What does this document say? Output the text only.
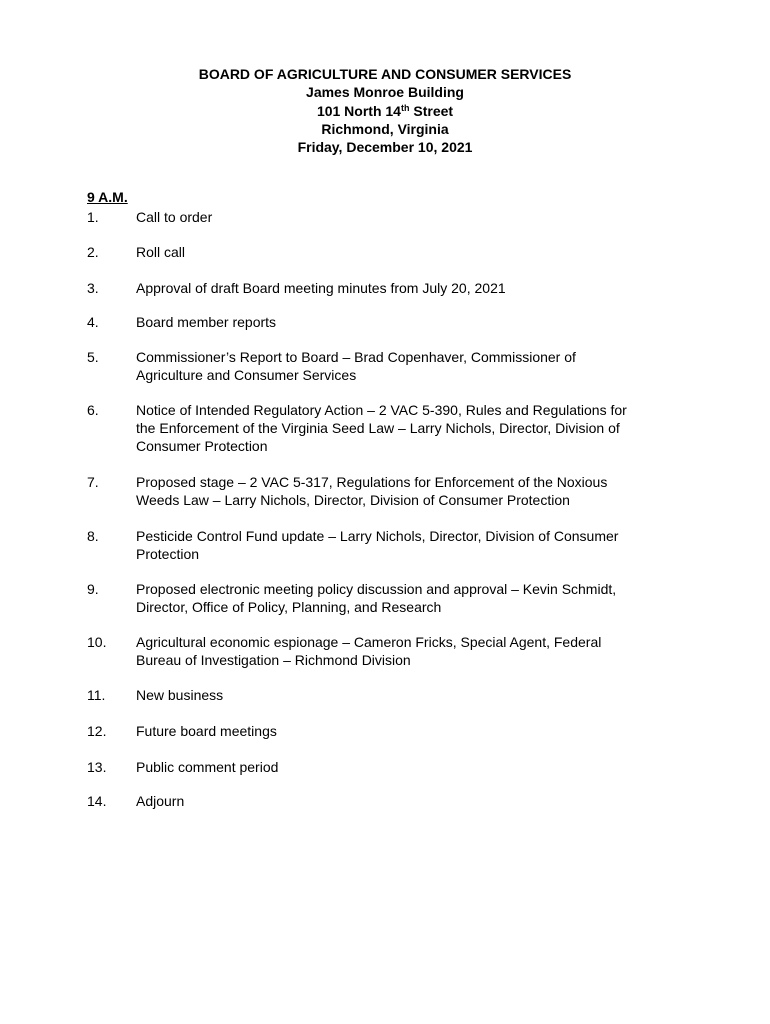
BOARD OF AGRICULTURE AND CONSUMER SERVICES
James Monroe Building
101 North 14th Street
Richmond, Virginia
Friday, December 10, 2021
9 A.M.
1.	Call to order
2.	Roll call
3.	Approval of draft Board meeting minutes from July 20, 2021
4.	Board member reports
5.	Commissioner’s Report to Board – Brad Copenhaver, Commissioner of
Agriculture and Consumer Services
6.	Notice of Intended Regulatory Action – 2 VAC 5-390, Rules and Regulations for
the Enforcement of the Virginia Seed Law – Larry Nichols, Director, Division of
Consumer Protection
7.	Proposed stage – 2 VAC 5-317, Regulations for Enforcement of the Noxious
Weeds Law – Larry Nichols, Director, Division of Consumer Protection
8.	Pesticide Control Fund update – Larry Nichols, Director, Division of Consumer
Protection
9.	Proposed electronic meeting policy discussion and approval – Kevin Schmidt,
Director, Office of Policy, Planning, and Research
10.	Agricultural economic espionage – Cameron Fricks, Special Agent, Federal
Bureau of Investigation – Richmond Division
11.	New business
12.	Future board meetings
13.	Public comment period
14.	Adjourn
